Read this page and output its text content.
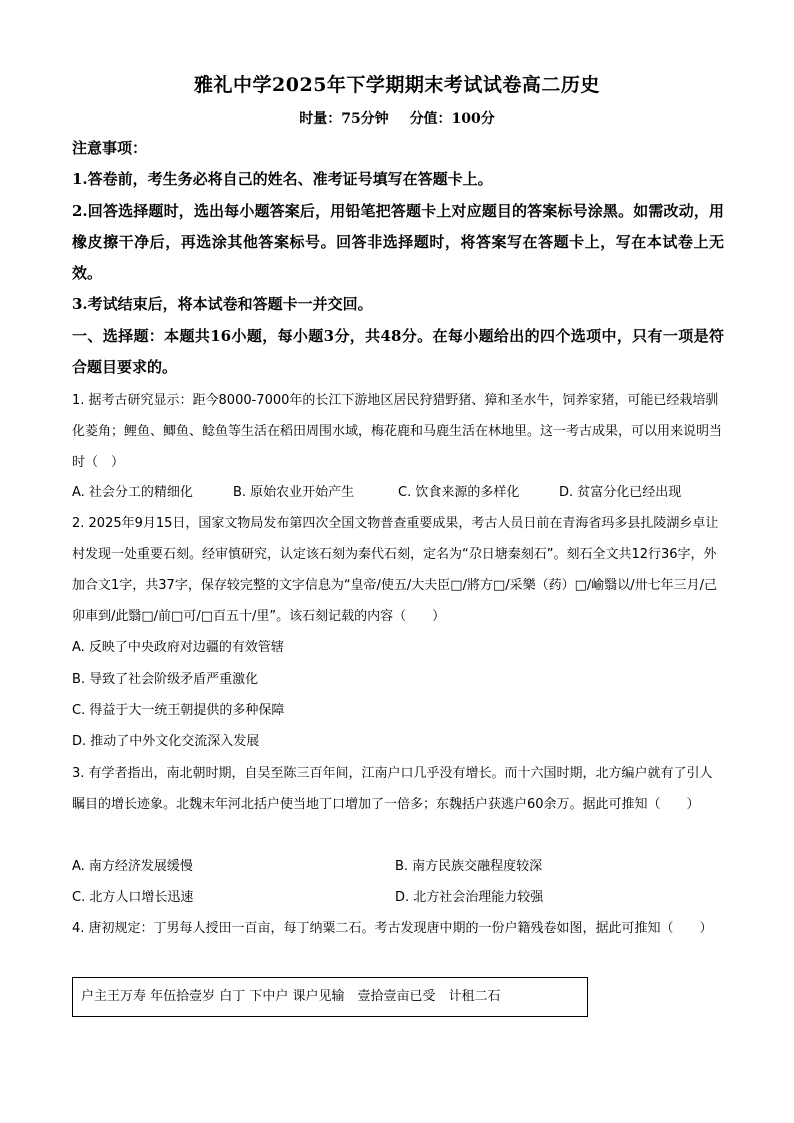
雅礼中学2025年下学期期末考试试卷高二历史
时量：75分钟 分值：100分
注意事项：
1.答卷前，考生务必将自己的姓名、准考证号填写在答题卡上。
2.回答选择题时，选出每小题答案后，用铅笔把答题卡上对应题目的答案标号涂黑。如需改动，用橡皮擦干净后，再选涂其他答案标号。回答非选择题时，将答案写在答题卡上，写在本试卷上无效。
3.考试结束后，将本试卷和答题卡一并交回。
一、选择题：本题共16小题，每小题3分，共48分。在每小题给出的四个选项中，只有一项是符合题目要求的。
1. 据考古研究显示：距今8000-7000年的长江下游地区居民狩猎野猪、獐和圣水牛，饲养家猪，可能已经栽培驯化菱角；鲤鱼、鲫鱼、鲶鱼等生活在稻田周围水域，梅花鹿和马鹿生活在林地里。这一考古成果，可以用来说明当时（　）
A. 社会分工的精细化	B. 原始农业开始产生	C. 饮食来源的多样化	D. 贫富分化已经出现
2. 2025年9月15日，国家文物局发布第四次全国文物普查重要成果，考古人员日前在青海省玛多县扎陵湖乡卓让村发现一处重要石刻。经审慎研究，认定该石刻为秦代石刻，定名为“尕日塘秦刻石”。刻石全文共12行36字，外加合文1字，共37字，保存较完整的文字信息为“皇帝/使五/大夫臣□/將方□/采樂（药）□/崳翳以/卅七年三月/己卯車到/此翳□/前□可/□百五十/里”。该石刻记载的内容（　　）
A. 反映了中央政府对边疆的有效管辖
B. 导致了社会阶级矛盾严重激化
C. 得益于大一统王朝提供的多种保障
D. 推动了中外文化交流深入发展
3. 有学者指出，南北朝时期，自吴至陈三百年间，江南户口几乎没有增长。而十六国时期，北方编户就有了引人瞩目的增长迹象。北魏末年河北括户使当地丁口增加了一倍多；东魏括户获逃户60余万。据此可推知（　　）
A. 南方经济发展缓慢	B. 南方民族交融程度较深
C. 北方人口增长迅速	D. 北方社会治理能力较强
4. 唐初规定：丁男每人授田一百亩，每丁纳粟二石。考古发现唐中期的一份户籍残卷如图，据此可推知（　　）
户主王万寿 年伍拾壹岁 白丁 下中户 课户见输　壹拾壹亩已受　计租二石
